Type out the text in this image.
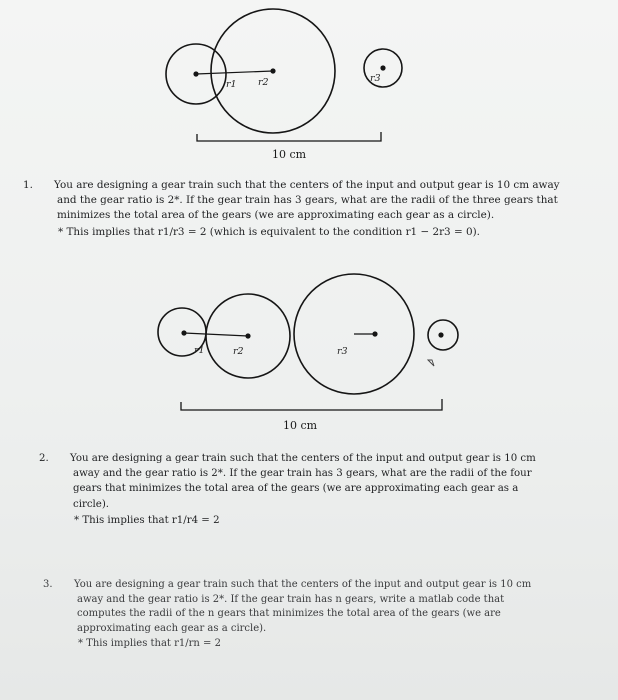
r1 r2	r3
10 cm
1. You are designing a gear train such that the centers of the input and output gear is 10 cm away and the gear ratio is 2*. If the gear train has 3 gears, what are the radii of the three gears that minimizes the total area of the gears (we are approximating each gear as a circle).
* This implies that r1/r3 = 2 (which is equivalent to the condition r1 − 2r3 = 0).
r1	r2	r3
10 cm
2. You are designing a gear train such that the centers of the input and output gear is 10 cm away and the gear ratio is 2*. If the gear train has 3 gears, what are the radii of the four gears that minimizes the total area of the gears (we are approximating each gear as a circle).
* This implies that r1/r4 = 2
3. You are designing a gear train such that the centers of the input and output gear is 10 cm away and the gear ratio is 2*. If the gear train has n gears, write a matlab code that computes the radii of the n gears that minimizes the total area of the gears (we are approximating each gear as a circle).
* This implies that r1/rn = 2
